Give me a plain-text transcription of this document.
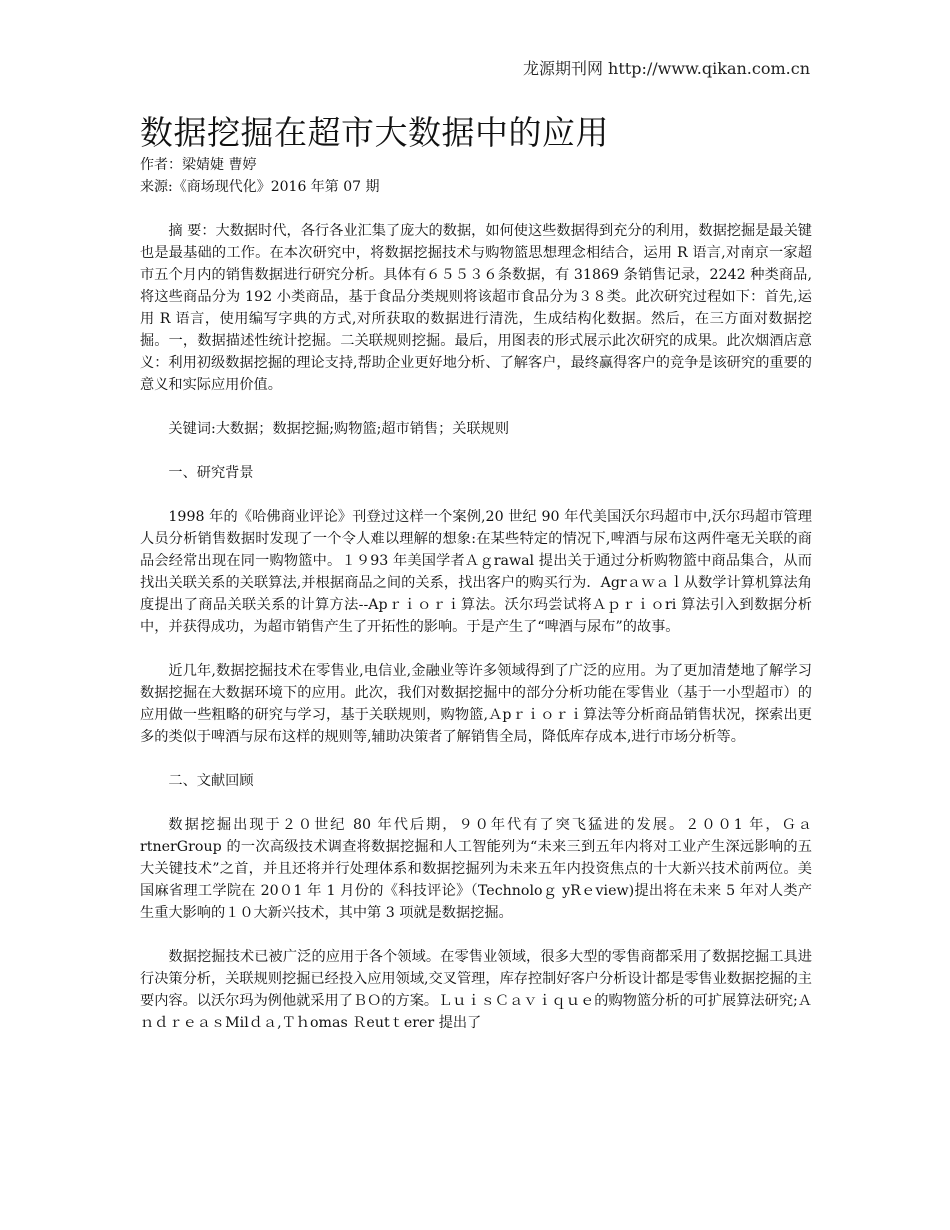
龙源期刊网 http://www.qikan.com.cn
数据挖掘在超市大数据中的应用

作者：梁婧婕 曹婷

来源:《商场现代化》2016 年第 07 期

摘 要：大数据时代，各行各业汇集了庞大的数据，如何使这些数据得到充分的利用，数据挖掘是最关键也是最基础的工作。在本次研究中，将数据挖掘技术与购物篮思想理念相结合，运用 R 语言,对南京一家超市五个月内的销售数据进行研究分析。具体有６５５３６条数据，有 31869 条销售记录，2242 种类商品,将这些商品分为 192 小类商品，基于食品分类规则将该超市食品分为３８类。此次研究过程如下：首先,运用 R 语言，使用编写字典的方式,对所获取的数据进行清洗，生成结构化数据。然后，在三方面对数据挖掘。一，数据描述性统计挖掘。二关联规则挖掘。最后，用图表的形式展示此次研究的成果。此次烟酒店意义：利用初级数据挖掘的理论支持,帮助企业更好地分析、了解客户，最终赢得客户的竞争是该研究的重要的意义和实际应用价值。

关键词:大数据；数据挖掘;购物篮;超市销售；关联规则

一、研究背景

1998 年的《哈佛商业评论》刊登过这样一个案例,20 世纪 90 年代美国沃尔玛超市中,沃尔玛超市管理人员分析销售数据时发现了一个令人难以理解的想象:在某些特定的情况下,啤酒与尿布这两件毫无关联的商品会经常出现在同一购物篮中。１９93 年美国学者Ａｇrawal 提出关于通过分析购物篮中商品集合，从而找出关联关系的关联算法,并根据商品之间的关系，找出客户的购买行为．Agrａｗａｌ从数学计算机算法角度提出了商品关联关系的计算方法--Apｒｉｏｒｉ算法。沃尔玛尝试将Ａｐｒｉｏri 算法引入到数据分析中，并获得成功，为超市销售产生了开拓性的影响。于是产生了“啤酒与尿布”的故事。

近几年,数据挖掘技术在零售业,电信业,金融业等许多领域得到了广泛的应用。为了更加清楚地了解学习数据挖掘在大数据环境下的应用。此次，我们对数据挖掘中的部分分析功能在零售业（基于一小型超市）的应用做一些粗略的研究与学习，基于关联规则，购物篮,Ａpｒｉｏｒｉ算法等分析商品销售状况，探索出更多的类似于啤酒与尿布这样的规则等,辅助决策者了解销售全局，降低库存成本,进行市场分析等。

二、文献回顾

数据挖掘出现于２０世纪 80 年代后期，９０年代有了突飞猛进的发展。２００1 年，Ｇａ rtnerGroup 的一次高级技术调查将数据挖掘和人工智能列为“未来三到五年内将对工业产生深远影响的五大关键技术”之首，并且还将并行处理体系和数据挖掘列为未来五年内投资焦点的十大新兴技术前两位。美国麻省理工学院在 20０1 年 1 月份的《科技评论》（Technoloｇ yRｅview)提出将在未来 5 年对人类产生重大影响的１０大新兴技术，其中第 3 项就是数据挖掘。

数据挖掘技术已被广泛的应用于各个领域。在零售业领域，很多大型的零售商都采用了数据挖掘工具进行决策分析，关联规则挖掘已经投入应用领域,交叉管理，库存控制好客户分析设计都是零售业数据挖掘的主要内容。以沃尔玛为例他就采用了ＢＯ的方案。ＬｕｉｓＣａｖｉｑｕｅ的购物篮分析的可扩展算法研究;ＡｎｄｒｅａｓMilｄａ,Ｔｈomas Ｒeutｔerer 提出了
